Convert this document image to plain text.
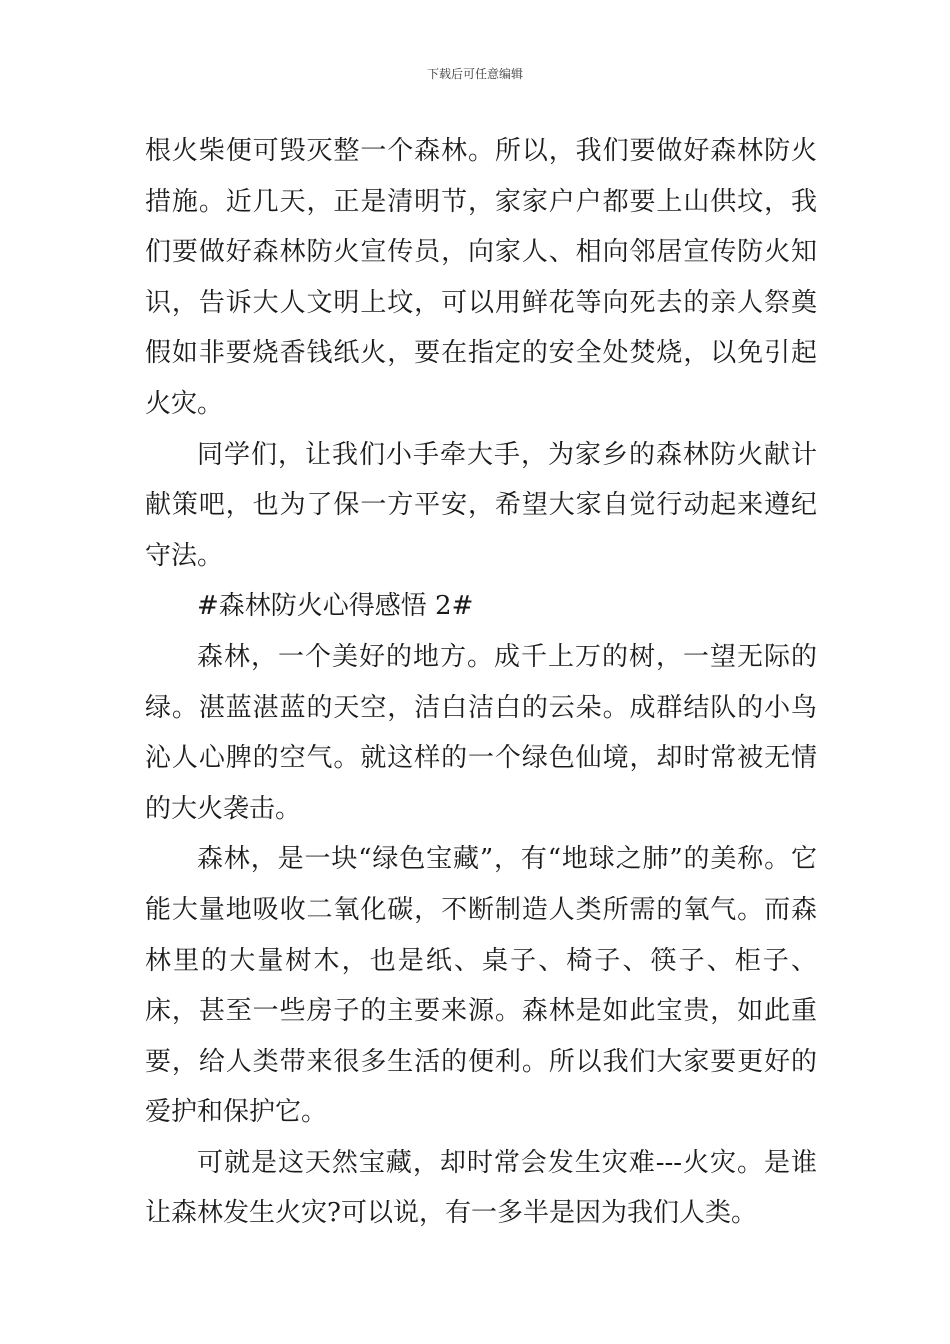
下载后可任意编辑

根火柴便可毁灭整一个森林。所以，我们要做好森林防火措施。近几天，正是清明节，家家户户都要上山供坟，我们要做好森林防火宣传员，向家人、相向邻居宣传防火知识，告诉大人文明上坟，可以用鲜花等向死去的亲人祭奠假如非要烧香钱纸火，要在指定的安全处焚烧，以免引起火灾。

同学们，让我们小手牵大手，为家乡的森林防火献计献策吧，也为了保一方平安，希望大家自觉行动起来遵纪守法。

#森林防火心得感悟 2#

森林，一个美好的地方。成千上万的树，一望无际的绿。湛蓝湛蓝的天空，洁白洁白的云朵。成群结队的小鸟沁人心脾的空气。就这样的一个绿色仙境，却时常被无情的大火袭击。

森林，是一块“绿色宝藏”，有“地球之肺”的美称。它能大量地吸收二氧化碳，不断制造人类所需的氧气。而森林里的大量树木，也是纸、桌子、椅子、筷子、柜子、床，甚至一些房子的主要来源。森林是如此宝贵，如此重要，给人类带来很多生活的便利。所以我们大家要更好的爱护和保护它。

可就是这天然宝藏，却时常会发生灾难---火灾。是谁让森林发生火灾?可以说，有一多半是因为我们人类。
